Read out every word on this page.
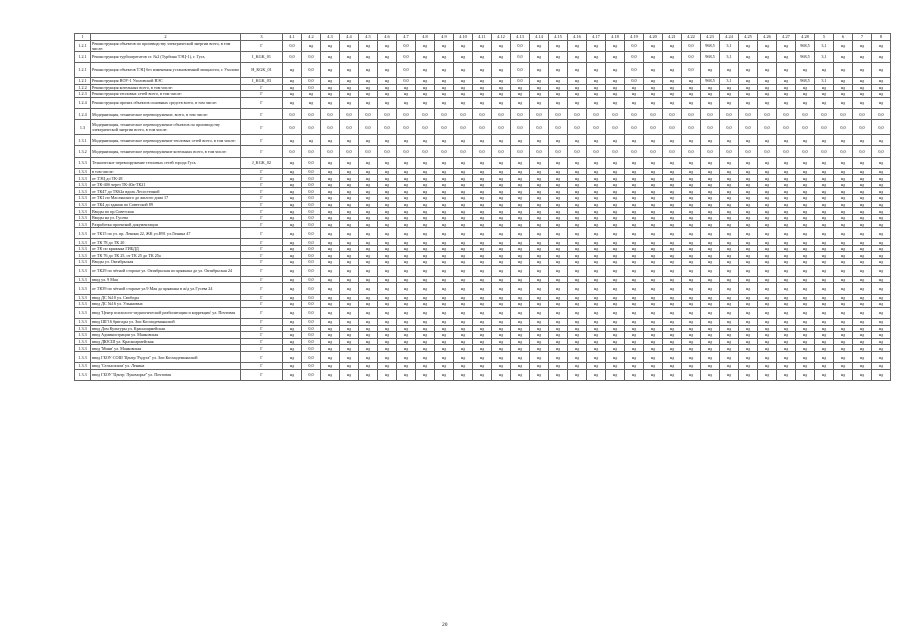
1	2	3	4.1	4.2	4.3	4.4	4.5	4.6	4.7	4.8	4.9	4.10	4.11	4.12	4.13	4.14	4.15	4.16	4.17	4.18	4.19	4.20	4.21	4.22	4.23	4.24	4.25	4.26	4.27	4.28	5	6	7	8
1.2.1	Реконструкция объектов по производству электрической энергии всего, в том числе:	Г	0,0	нд	нд	нд	нд	нд	0,0	нд	нд	нд	нд	нд	0,0	нд	нд	нд	нд	нд	0,0	нд	нд	0,0	968,5	3,1	нд	нд	нд	968,5	3,1	нд	нд	нд
1.2.1	Реконструкция турбоагрегатов ст. №2 (Турбина ТЭЦ-1), г. Гусь	I_KGK_01	0,0	0,0	нд	нд	нд	нд	0,0	нд	нд	нд	нд	нд	0,0	нд	нд	нд	нд	нд	0,0	нд	нд	0,0	968,5	3,1	нд	нд	нд	968,5	3,1	нд	нд	нд
1.2.1	Реконструкция объектов ТЭЦ без изменения установленной мощности, г. Ухолово	H_KGK_01	нд	0,0	нд	нд	нд	нд	0,0	нд	нд	нд	нд	нд	0,0	нд	нд	нд	нд	нд	0,0	нд	нд	0,0	нд	нд	нд	нд	нд	нд	нд	нд	нд	нд
1.2.1	Реконструкция ВОУ-1 Ухоловской ВЭС	I_KGK_03	нд	0,0	нд	нд	нд	нд	0,0	нд	нд	нд	нд	нд	0,0	нд	нд	нд	нд	нд	0,0	нд	нд	нд	968,5	3,1	нд	нд	нд	968,5	3,1	нд	нд	нд
1.2.2	Реконструкция котельных всего, в том числе:	Г	нд	0,0	нд	нд	нд	нд	нд	нд	нд	нд	нд	нд	нд	нд	нд	нд	нд	нд	нд	нд	нд	нд	нд	нд	нд	нд	нд	нд	нд	нд	нд	нд
1.2.3	Реконструкция тепловых сетей всего, в том числе:	Г	нд	нд	нд	нд	нд	нд	нд	нд	нд	нд	нд	нд	нд	нд	нд	нд	нд	нд	нд	нд	нд	нд	нд	нд	нд	нд	нд	нд	нд	нд	нд	нд
1.2.4	Реконструкция прочих объектов основных средств всего, в том числе:	Г	нд	нд	нд	нд	нд	нд	нд	нд	нд	нд	нд	нд	нд	нд	нд	нд	нд	нд	нд	нд	нд	нд	нд	нд	нд	нд	нд	нд	нд	нд	нд	нд
1.2.4	Модернизация, техническое перевооружение, всего, в том числе:	Г	0,0	0,0	0,0	0,0	0,0	0,0	0,0	0,0	0,0	0,0	0,0	0,0	0,0	0,0	0,0	0,0	0,0	0,0	0,0	0,0	0,0	0,0	0,0	0,0	0,0	0,0	0,0	0,0	0,0	0,0	0,0	0,0
1.3	Модернизация, техническое перевооружение объектов по производству электрической энергии всего, в том числе:	Г	0,0	0,0	0,0	0,0	0,0	0,0	0,0	0,0	0,0	0,0	0,0	0,0	0,0	0,0	0,0	0,0	0,0	0,0	0,0	0,0	0,0	0,0	0,0	0,0	0,0	0,0	0,0	0,0	0,0	0,0	0,0	0,0
1.3.1	Модернизация, техническое перевооружение тепловых сетей всего, в том числе:	Г	нд	нд	нд	нд	нд	нд	нд	нд	нд	нд	нд	нд	нд	нд	нд	нд	нд	нд	нд	нд	нд	нд	нд	нд	нд	нд	нд	нд	нд	нд	нд	нд
1.3.2	Модернизация, техническое перевооружение котельных всего, в том числе:	Г	0,0	0,0	0,0	0,0	0,0	0,0	0,0	0,0	0,0	0,0	0,0	0,0	0,0	0,0	0,0	0,0	0,0	0,0	0,0	0,0	0,0	0,0	0,0	0,0	0,0	0,0	0,0	0,0	0,0	0,0	0,0	0,0
1.3.3	Техническое перевооружение тепловых сетей города Гусь	J_KGK_02	нд	0,0	нд	нд	нд	нд	нд	нд	нд	нд	нд	нд	нд	нд	нд	нд	нд	нд	нд	нд	нд	нд	нд	нд	нд	нд	нд	нд	нд	нд	нд	нд
1.3.3	в том числе:	Г	нд	0,0	нд	нд	нд	нд	нд	нд	нд	нд	нд	нд	нд	нд	нд	нд	нд	нд	нд	нд	нд	нд	нд	нд	нд	нд	нд	нд	нд	нд	нд	нд
1.3.3	от ТЭЦ до ТК-28	Г	нд	0,0	нд	нд	нд	нд	нд	нд	нд	нд	нд	нд	нд	нд	нд	нд	нд	нд	нд	нд	нд	нд	нд	нд	нд	нд	нд	нд	нд	нд	нд	нд
1.3.3	от ТК-40б через ТК-40а-ТК21	Г	нд	0,0	нд	нд	нд	нд	нд	нд	нд	нд	нд	нд	нд	нд	нд	нд	нд	нд	нд	нд	нд	нд	нд	нд	нд	нд	нд	нд	нд	нд	нд	нд
1.3.3	от ТК47 до ТК62а вдоль Лесостепной	Г	нд	0,0	нд	нд	нд	нд	нд	нд	нд	нд	нд	нд	нд	нд	нд	нд	нд	нд	нд	нд	нд	нд	нд	нд	нд	нд	нд	нд	нд	нд	нд	нд
1.3.3	от ТК1 по Маслянского до жилого дома 17	Г	нд	0,0	нд	нд	нд	нд	нд	нд	нд	нд	нд	нд	нд	нд	нд	нд	нд	нд	нд	нд	нд	нд	нд	нд	нд	нд	нд	нд	нд	нд	нд	нд
1.3.3	от ТК4 до здания по Советской 89	Г	нд	0,0	нд	нд	нд	нд	нд	нд	нд	нд	нд	нд	нд	нд	нд	нд	нд	нд	нд	нд	нд	нд	нд	нд	нд	нд	нд	нд	нд	нд	нд	нд
1.3.3	Вводы по пр.Советская	Г	нд	0,0	нд	нд	нд	нд	нд	нд	нд	нд	нд	нд	нд	нд	нд	нд	нд	нд	нд	нд	нд	нд	нд	нд	нд	нд	нд	нд	нд	нд	нд	нд
1.3.3	Вводы на ул. Гусева	Г	нд	0,0	нд	нд	нд	нд	нд	нд	нд	нд	нд	нд	нд	нд	нд	нд	нд	нд	нд	нд	нд	нд	нд	нд	нд	нд	нд	нд	нд	нд	нд	нд
1.3.3	Разработка проектной документации	Г	нд	0,0	нд	нд	нд	нд	нд	нд	нд	нд	нд	нд	нд	нд	нд	нд	нд	нд	нд	нд	нд	нд	нд	нд	нд	нд	нд	нд	нд	нд	нд	нд
1.3.3	от ТК15 по ул. пр. Ленина 22, ЖК ул.Н91 ул.Ленина 47	Г	нд	0,0	нд	нд	нд	нд	нд	нд	нд	нд	нд	нд	нд	нд	нд	нд	нд	нд	нд	нд	нд	нд	нд	нд	нд	нд	нд	нд	нд	нд	нд	нд
1.3.3	от ТК 78 до ТК 20	Г	нд	0,0	нд	нд	нд	нд	нд	нд	нд	нд	нд	нд	нд	нд	нд	нд	нд	нд	нд	нд	нд	нд	нд	нд	нд	нд	нд	нд	нд	нд	нд	нд
1.3.3	от ТК по кряжыка ГИБДД	Г	нд	0,0	нд	нд	нд	нд	нд	нд	нд	нд	нд	нд	нд	нд	нд	нд	нд	нд	нд	нд	нд	нд	нд	нд	нд	нд	нд	нд	нд	нд	нд	нд
1.3.3	от ТК 76 до ТК 25, от ТК 25 до ТК 25а	Г	нд	0,0	нд	нд	нд	нд	нд	нд	нд	нд	нд	нд	нд	нд	нд	нд	нд	нд	нд	нд	нд	нд	нд	нд	нд	нд	нд	нд	нд	нд	нд	нд
1.3.3	Вводы ул. Октябрьская	Г	нд	0,0	нд	нд	нд	нд	нд	нд	нд	нд	нд	нд	нд	нд	нд	нд	нд	нд	нд	нд	нд	нд	нд	нд	нд	нд	нд	нд	нд	нд	нд	нд
1.3.3	от ТК29 по чётной стороне ул. Октябрьская по кряжыка до ул. Октябрьская 24	Г	нд	0,0	нд	нд	нд	нд	нд	нд	нд	нд	нд	нд	нд	нд	нд	нд	нд	нд	нд	нд	нд	нд	нд	нд	нд	нд	нд	нд	нд	нд	нд	нд
1.3.3	ввод ул. 9 Мая	Г	нд	0,0	нд	нд	нд	нд	нд	нд	нд	нд	нд	нд	нд	нд	нд	нд	нд	нд	нд	нд	нд	нд	нд	нд	нд	нд	нд	нд	нд	нд	нд	нд
1.3.3	от ТК39 по чётной стороне ул.9 Мая до кряжыка в ж/д ул.Гусева 24	Г	нд	0,0	нд	нд	нд	нд	нд	нд	нд	нд	нд	нд	нд	нд	нд	нд	нд	нд	нд	нд	нд	нд	нд	нд	нд	нд	нд	нд	нд	нд	нд	нд
1.3.3	ввод ДС №10 ул. Свободы	Г	нд	0,0	нд	нд	нд	нд	нд	нд	нд	нд	нд	нд	нд	нд	нд	нд	нд	нд	нд	нд	нд	нд	нд	нд	нд	нд	нд	нд	нд	нд	нд	нд
1.3.3	ввод ДС №16 ул. Ульяновых	Г	нд	0,0	нд	нд	нд	нд	нд	нд	нд	нд	нд	нд	нд	нд	нд	нд	нд	нд	нд	нд	нд	нд	нд	нд	нд	нд	нд	нд	нд	нд	нд	нд
1.3.3	ввод 'Центр психолого-педагогической реабилитации и коррекции' ул. Почтовая	Г	нд	0,0	нд	нд	нд	нд	нд	нд	нд	нд	нд	нд	нд	нд	нд	нд	нд	нд	нд	нд	нд	нд	нд	нд	нд	нд	нд	нд	нд	нд	нд	нд
1.3.3	ввод ШГ16 бригады ул. Зои Космодемьянской	Г	нд	0,0	нд	нд	нд	нд	нд	нд	нд	нд	нд	нд	нд	нд	нд	нд	нд	нд	нд	нд	нд	нд	нд	нд	нд	нд	нд	нд	нд	нд	нд	нд
1.3.3	ввод Дом Культуры ул. Красноармейская	Г	нд	0,0	нд	нд	нд	нд	нд	нд	нд	нд	нд	нд	нд	нд	нд	нд	нд	нд	нд	нд	нд	нд	нд	нд	нд	нд	нд	нд	нд	нд	нд	нд
1.3.3	ввод Администрации ул. Маяковская	Г	нд	0,0	нд	нд	нд	нд	нд	нд	нд	нд	нд	нд	нд	нд	нд	нд	нд	нд	нд	нд	нд	нд	нд	нд	нд	нд	нд	нд	нд	нд	нд	нд
1.3.3	ввод ДЮСШ ул. Красноармейская	Г	нд	0,0	нд	нд	нд	нд	нд	нд	нд	нд	нд	нд	нд	нд	нд	нд	нд	нд	нд	нд	нд	нд	нд	нд	нд	нд	нд	нд	нд	нд	нд	нд
1.3.3	ввод 'Мини' ул. Маяковская	Г	нд	0,0	нд	нд	нд	нд	нд	нд	нд	нд	нд	нд	нд	нд	нд	нд	нд	нд	нд	нд	нд	нд	нд	нд	нд	нд	нд	нд	нд	нд	нд	нд
1.3.3	ввод ГБОУ СОШ 'Центр 'Радуга'' ул. Зои Космодемьянской	Г	нд	0,0	нд	нд	нд	нд	нд	нд	нд	нд	нд	нд	нд	нд	нд	нд	нд	нд	нд	нд	нд	нд	нд	нд	нд	нд	нд	нд	нд	нд	нд	нд
1.3.3	ввод 'Сельхозхим' ул. Ленина	Г	нд	0,0	нд	нд	нд	нд	нд	нд	нд	нд	нд	нд	нд	нд	нд	нд	нд	нд	нд	нд	нд	нд	нд	нд	нд	нд	нд	нд	нд	нд	нд	нд
1.3.3	ввод ГБОУ 'Центр 'Лукоморье'' ул. Почтовая	Г	нд	0,0	нд	нд	нд	нд	нд	нд	нд	нд	нд	нд	нд	нд	нд	нд	нд	нд	нд	нд	нд	нд	нд	нд	нд	нд	нд	нд	нд	нд	нд	нд
20
